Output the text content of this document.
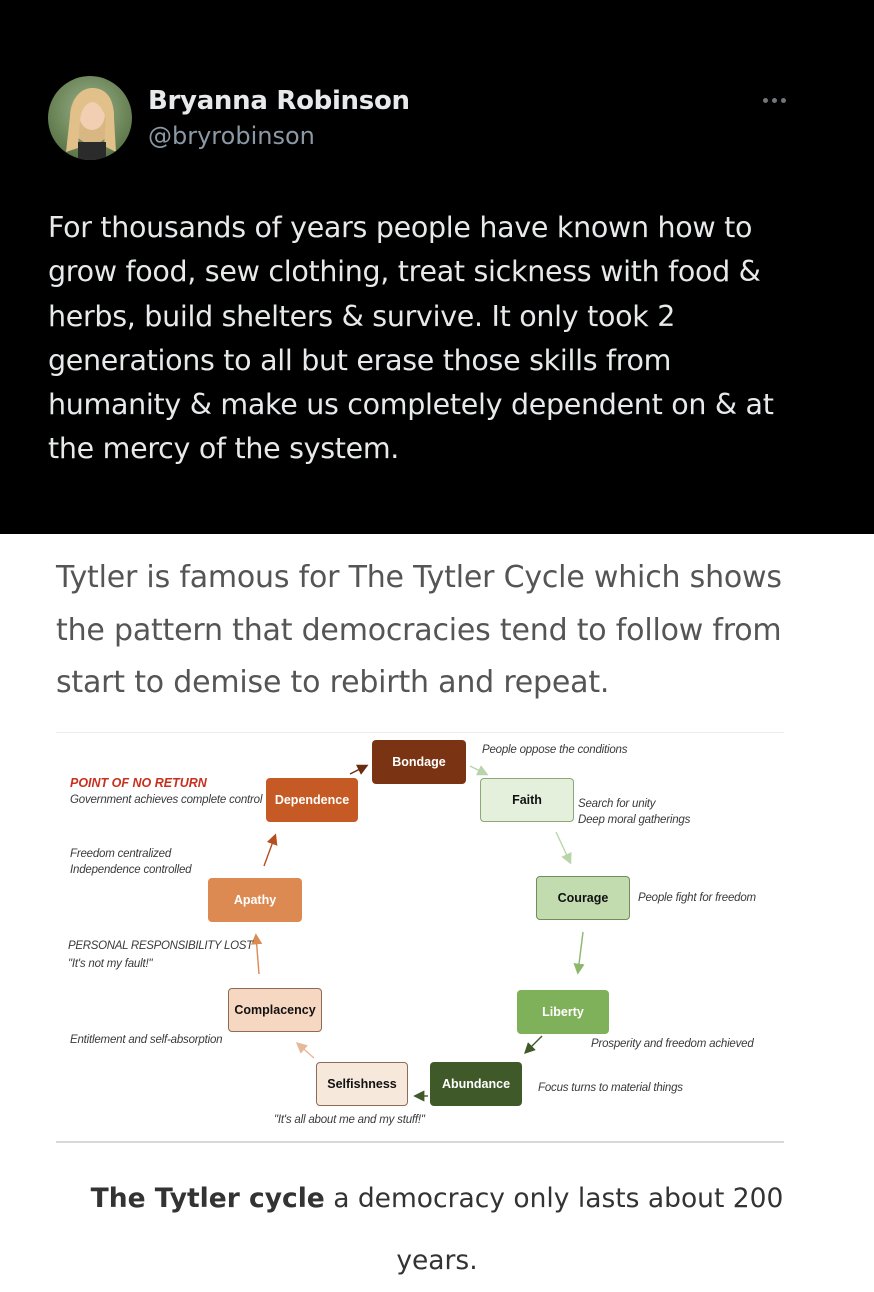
Bryanna Robinson
@bryrobinson
For thousands of years people have known how to
grow food, sew clothing, treat sickness with food &
herbs, build shelters & survive. It only took 2
generations to all but erase those skills from
humanity & make us completely dependent on & at
the mercy of the system.
Tytler is famous for The Tytler Cycle which shows
the pattern that democracies tend to follow from
start to demise to rebirth and repeat.
Bondage
Faith
Courage
Liberty
Abundance
Selfishness
Complacency
Apathy
Dependence
People oppose the conditions
Search for unity
Deep moral gatherings
People fight for freedom
Prosperity and freedom achieved
Focus turns to material things
"It's all about me and my stuff!"
Entitlement and self-absorption
PERSONAL RESPONSIBILITY LOST
"It's not my fault!"
Freedom centralized
Independence controlled
POINT OF NO RETURN
Government achieves complete control
The Tytler cycle a democracy only lasts about 200
years.
